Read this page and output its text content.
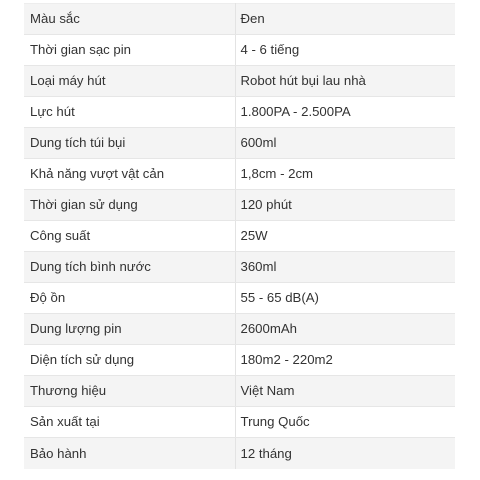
Màu sắc	Đen
Thời gian sạc pin	4 - 6 tiếng
Loại máy hút	Robot hút bụi lau nhà
Lực hút	1.800PA - 2.500PA
Dung tích túi bụi	600ml
Khả năng vượt vật cản	1,8cm - 2cm
Thời gian sử dụng	120 phút
Công suất	25W
Dung tích bình nước	360ml
Độ ồn	55 - 65 dB(A)
Dung lượng pin	2600mAh
Diện tích sử dụng	180m2 - 220m2
Thương hiệu	Việt Nam
Sản xuất tại	Trung Quốc
Bảo hành	12 tháng
